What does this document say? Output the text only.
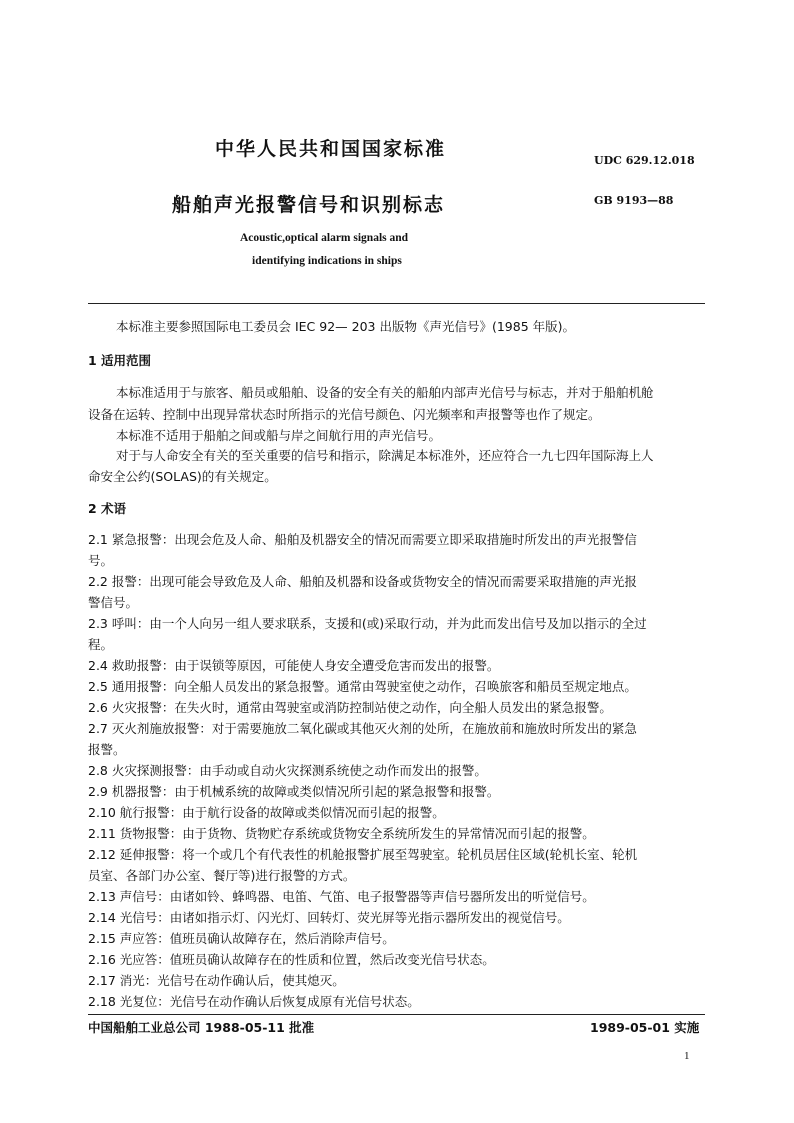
中华人民共和国国家标准
UDC 629.12.018
船舶声光报警信号和识别标志	GB 9193—88
Acoustic,optical alarm signals and
identifying indications in ships
本标准主要参照国际电工委员会 IEC 92— 203 出版物《声光信号》(1985 年版)。
1 适用范围
本标准适用于与旅客、船员或船舶、设备的安全有关的船舶内部声光信号与标志，并对于船舶机舱
设备在运转、控制中出现异常状态时所指示的光信号颜色、闪光频率和声报警等也作了规定。
本标准不适用于船舶之间或船与岸之间航行用的声光信号。
对于与人命安全有关的至关重要的信号和指示，除满足本标准外，还应符合一九七四年国际海上人
命安全公约(SOLAS)的有关规定。
2 术语
2.1 紧急报警：出现会危及人命、船舶及机器安全的情况而需要立即采取措施时所发出的声光报警信
号。
2.2 报警：出现可能会导致危及人命、船舶及机器和设备或货物安全的情况而需要采取措施的声光报
警信号。
2.3 呼叫：由一个人向另一组人要求联系，支援和(或)采取行动，并为此而发出信号及加以指示的全过
程。
2.4 救助报警：由于误锁等原因，可能使人身安全遭受危害而发出的报警。
2.5 通用报警：向全船人员发出的紧急报警。通常由驾驶室使之动作，召唤旅客和船员至规定地点。
2.6 火灾报警：在失火时，通常由驾驶室或消防控制站使之动作，向全船人员发出的紧急报警。
2.7 灭火剂施放报警：对于需要施放二氧化碳或其他灭火剂的处所，在施放前和施放时所发出的紧急
报警。
2.8 火灾探测报警：由手动或自动火灾探测系统使之动作而发出的报警。
2.9 机器报警：由于机械系统的故障或类似情况所引起的紧急报警和报警。
2.10 航行报警：由于航行设备的故障或类似情况而引起的报警。
2.11 货物报警：由于货物、货物贮存系统或货物安全系统所发生的异常情况而引起的报警。
2.12 延伸报警：将一个或几个有代表性的机舱报警扩展至驾驶室。轮机员居住区域(轮机长室、轮机
员室、各部门办公室、餐厅等)进行报警的方式。
2.13 声信号：由诸如铃、蜂鸣器、电笛、气笛、电子报警器等声信号器所发出的听觉信号。
2.14 光信号：由诸如指示灯、闪光灯、回转灯、荧光屏等光指示器所发出的视觉信号。
2.15 声应答：值班员确认故障存在，然后消除声信号。
2.16 光应答：值班员确认故障存在的性质和位置，然后改变光信号状态。
2.17 消光：光信号在动作确认后，使其熄灭。
2.18 光复位：光信号在动作确认后恢复成原有光信号状态。
中国船舶工业总公司 1988-05-11 批准	1989-05-01 实施
1
